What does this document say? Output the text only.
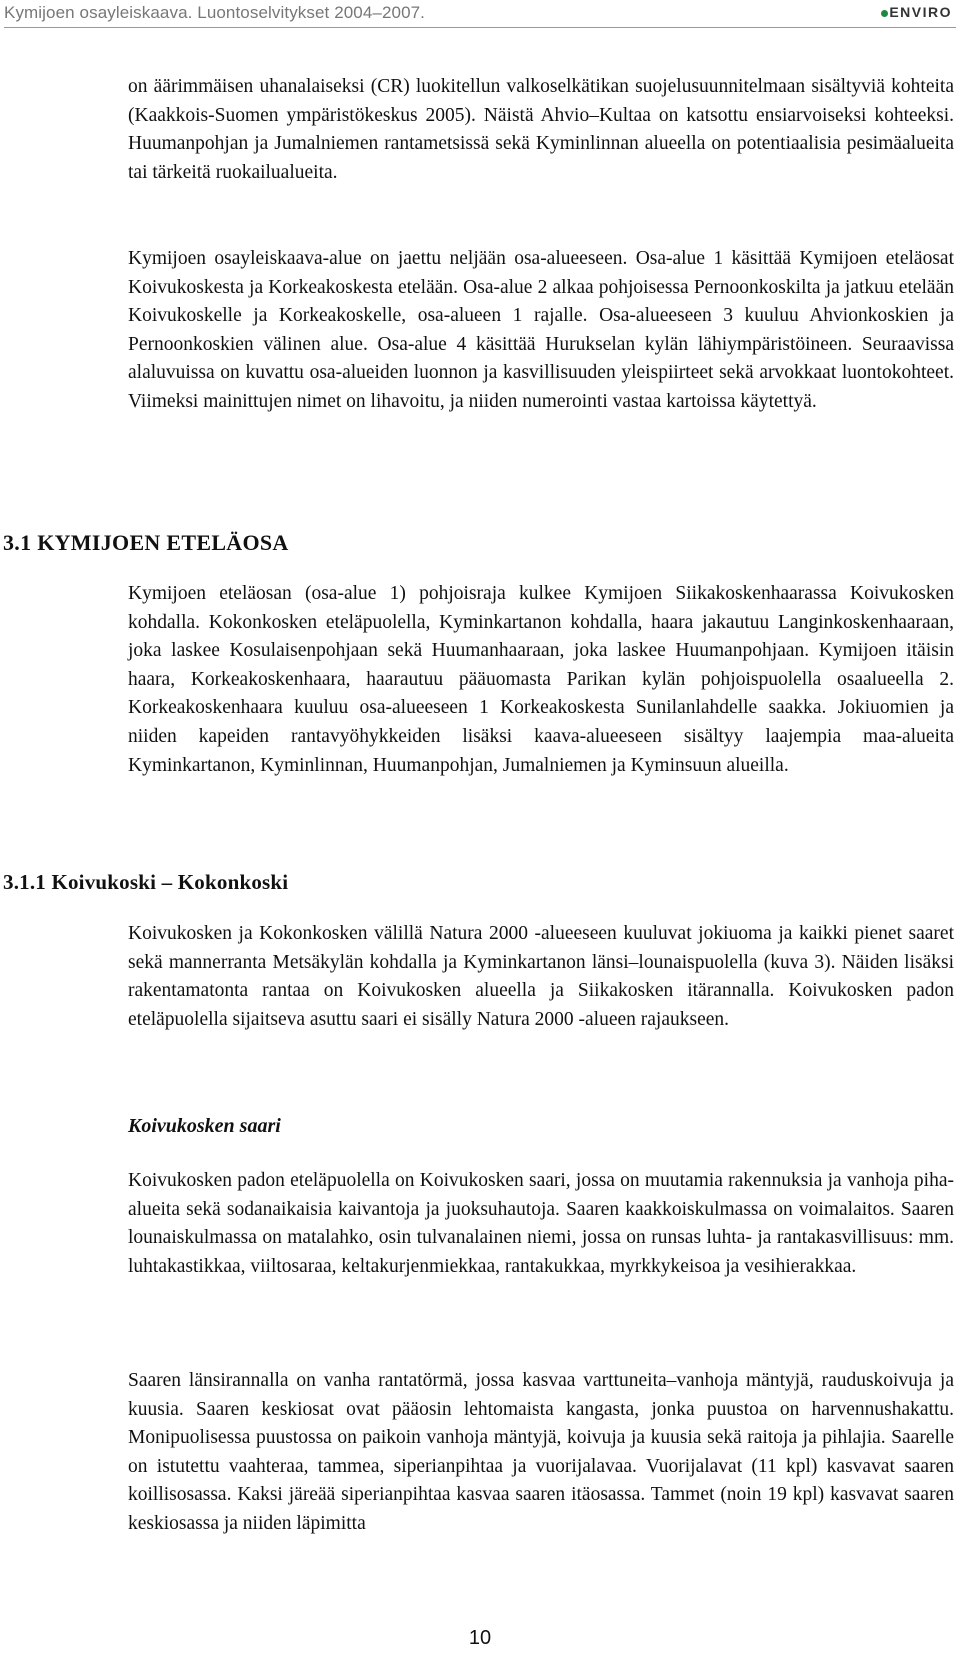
Kymijoen osayleiskaava. Luontoselvitykset 2004–2007.	ENVIRO

on äärimmäisen uhanalaiseksi (CR) luokitellun valkoselkätikan suojelusuunnitelmaan sisältyviä kohteita (Kaakkois-Suomen ympäristökeskus 2005). Näistä Ahvio–Kultaa on katsottu ensiarvoiseksi kohteeksi. Huumanpohjan ja Jumalniemen rantametsissä sekä Kyminlinnan alueella on potentiaalisia pesimäalueita tai tärkeitä ruokailualueita.

Kymijoen osayleiskaava-alue on jaettu neljään osa-alueeseen. Osa-alue 1 käsittää Kymijoen eteläosat Koivukoskesta ja Korkeakoskesta etelään. Osa-alue 2 alkaa pohjoisessa Pernoonkoskilta ja jatkuu etelään Koivukoskelle ja Korkeakoskelle, osa-alueen 1 rajalle. Osa-alueeseen 3 kuuluu Ahvionkoskien ja Pernoonkoskien välinen alue. Osa-alue 4 käsittää Hurukselan kylän lähiympäristöineen. Seuraavissa alaluvuissa on kuvattu osa-alueiden luonnon ja kasvillisuuden yleispiirteet sekä arvokkaat luontokohteet. Viimeksi mainittujen nimet on lihavoitu, ja niiden numerointi vastaa kartoissa käytettyä.

3.1 KYMIJOEN ETELÄOSA

Kymijoen eteläosan (osa-alue 1) pohjoisraja kulkee Kymijoen Siikakoskenhaarassa Koivukosken kohdalla. Kokonkosken eteläpuolella, Kyminkartanon kohdalla, haara jakautuu Langinkoskenhaaraan, joka laskee Kosulaisenpohjaan sekä Huumanhaaraan, joka laskee Huumanpohjaan. Kymijoen itäisin haara, Korkeakoskenhaara, haarautuu pääuomasta Parikan kylän pohjoispuolella osaalueella 2. Korkeakoskenhaara kuuluu osa-alueeseen 1 Korkeakoskesta Sunilanlahdelle saakka. Jokiuomien ja niiden kapeiden rantavyöhykkeiden lisäksi kaava-alueeseen sisältyy laajempia maa-alueita Kyminkartanon, Kyminlinnan, Huumanpohjan, Jumalniemen ja Kyminsuun alueilla.

3.1.1 Koivukoski – Kokonkoski

Koivukosken ja Kokonkosken välillä Natura 2000 -alueeseen kuuluvat jokiuoma ja kaikki pienet saaret sekä mannerranta Metsäkylän kohdalla ja Kyminkartanon länsi–lounaispuolella (kuva 3). Näiden lisäksi rakentamatonta rantaa on Koivukosken alueella ja Siikakosken itärannalla. Koivukosken padon eteläpuolella sijaitseva asuttu saari ei sisälly Natura 2000 -alueen rajaukseen.

Koivukosken saari

Koivukosken padon eteläpuolella on Koivukosken saari, jossa on muutamia rakennuksia ja vanhoja piha-alueita sekä sodanaikaisia kaivantoja ja juoksuhautoja. Saaren kaakkoiskulmassa on voimalaitos. Saaren lounaiskulmassa on matalahko, osin tulvanalainen niemi, jossa on runsas luhta- ja rantakasvillisuus: mm. luhtakastikkaa, viiltosaraa, keltakurjenmiekkaa, rantakukkaa, myrkkykeisoa ja vesihierakkaa.

Saaren länsirannalla on vanha rantatörmä, jossa kasvaa varttuneita–vanhoja mäntyjä, rauduskoivuja ja kuusia. Saaren keskiosat ovat pääosin lehtomaista kangasta, jonka puustoa on harvennushakattu. Monipuolisessa puustossa on paikoin vanhoja mäntyjä, koivuja ja kuusia sekä raitoja ja pihlajia. Saarelle on istutettu vaahteraa, tammea, siperianpihtaa ja vuorijalavaa. Vuorijalavat (11 kpl) kasvavat saaren koillisosassa. Kaksi järeää siperianpihtaa kasvaa saaren itäosassa. Tammet (noin 19 kpl) kasvavat saaren keskiosassa ja niiden läpimitta

10
